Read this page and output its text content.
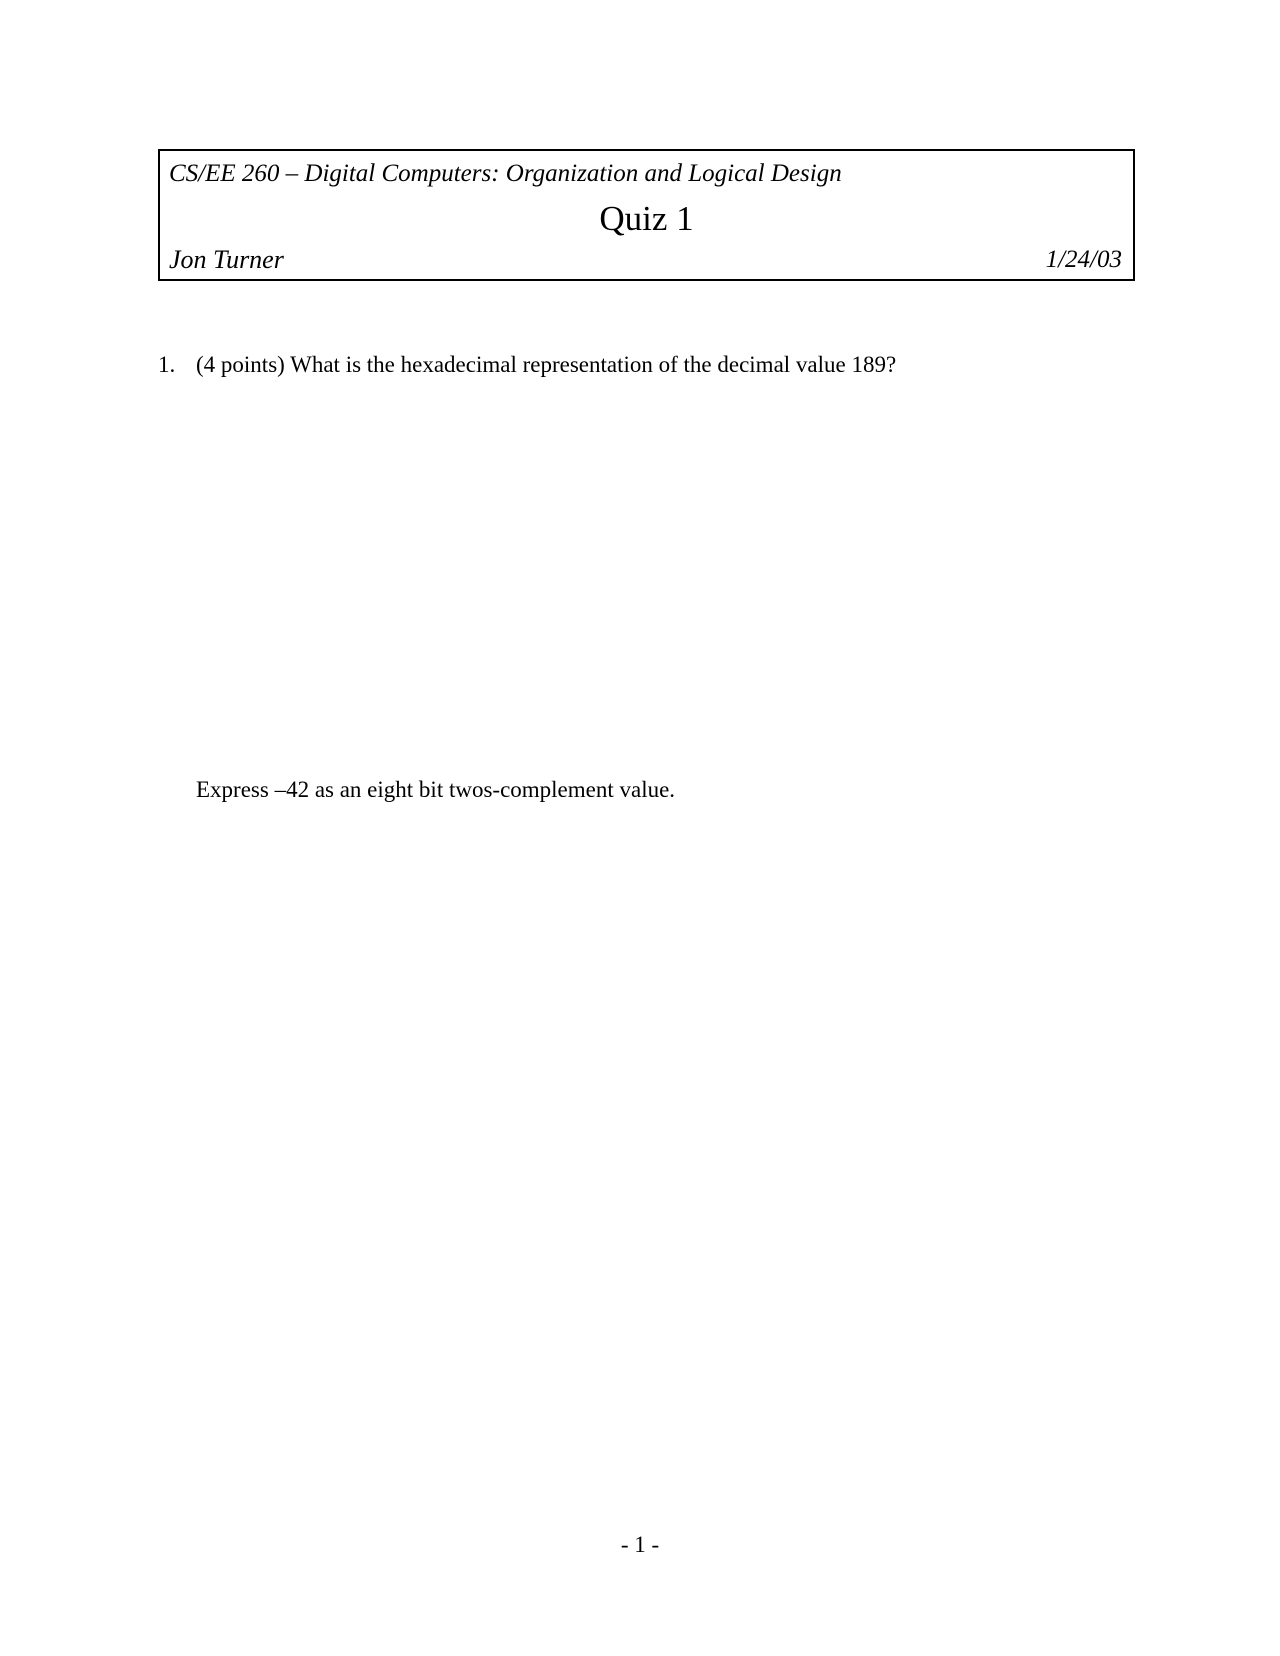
CS/EE 260 – Digital Computers: Organization and Logical Design
Quiz 1
Jon Turner	1/24/03
1. (4 points) What is the hexadecimal representation of the decimal value 189?
Express –42 as an eight bit twos-complement value.
- 1 -
